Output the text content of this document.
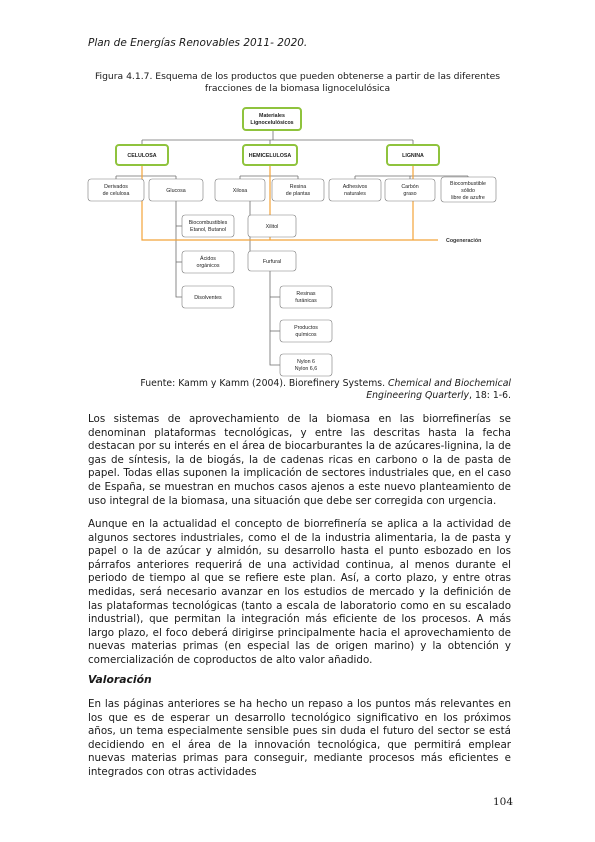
Plan de Energías Renovables 2011- 2020.
Figura 4.1.7. Esquema de los productos que pueden obtenerse a partir de las diferentes
fracciones de la biomasa lignocelulósica
Cogeneración
Materiales
Lignocelulósicos
CELULOSA	HEMICELULOSA	LIGNINA
Derivados
de celulosa	Glucosa	Xilosa
Resina
de plantas
Adhesivos
naturales
Carbón
graso
Biocombustible
sólido
libre de azufre
Biocombustibles
Etanol, Butanol	Xilitol
Ácidos
orgánicos
Furfural
Disolventes
Resinas
furánicas
Productos
químicos
Nylon 6
Nylon 6,6
Fuente: Kamm y Kamm (2004). Biorefinery Systems. Chemical and Biochemical Engineering Quarterly, 18: 1-6.

Los sistemas de aprovechamiento de la biomasa en las biorrefinerías se denominan plataformas tecnológicas, y entre las descritas hasta la fecha destacan por su interés en el área de biocarburantes la de azúcares-lignina, la de gas de síntesis, la de biogás, la de cadenas ricas en carbono o la de pasta de papel. Todas ellas suponen la implicación de sectores industriales que, en el caso de España, se muestran en muchos casos ajenos a este nuevo planteamiento de uso integral de la biomasa, una situación que debe ser corregida con urgencia.

Aunque en la actualidad el concepto de biorrefinería se aplica a la actividad de algunos sectores industriales, como el de la industria alimentaria, la de pasta y papel o la de azúcar y almidón, su desarrollo hasta el punto esbozado en los párrafos anteriores requerirá de una actividad continua, al menos durante el periodo de tiempo al que se refiere este plan. Así, a corto plazo, y entre otras medidas, será necesario avanzar en los estudios de mercado y la definición de las plataformas tecnológicas (tanto a escala de laboratorio como en su escalado industrial), que permitan la integración más eficiente de los procesos. A más largo plazo, el foco deberá dirigirse principalmente hacia el aprovechamiento de nuevas materias primas (en especial las de origen marino) y la obtención y comercialización de coproductos de alto valor añadido.

Valoración

En las páginas anteriores se ha hecho un repaso a los puntos más relevantes en los que es de esperar un desarrollo tecnológico significativo en los próximos años, un tema especialmente sensible pues sin duda el futuro del sector se está decidiendo en el área de la innovación tecnológica, que permitirá emplear nuevas materias primas para conseguir, mediante procesos más eficientes e integrados con otras actividades

104
